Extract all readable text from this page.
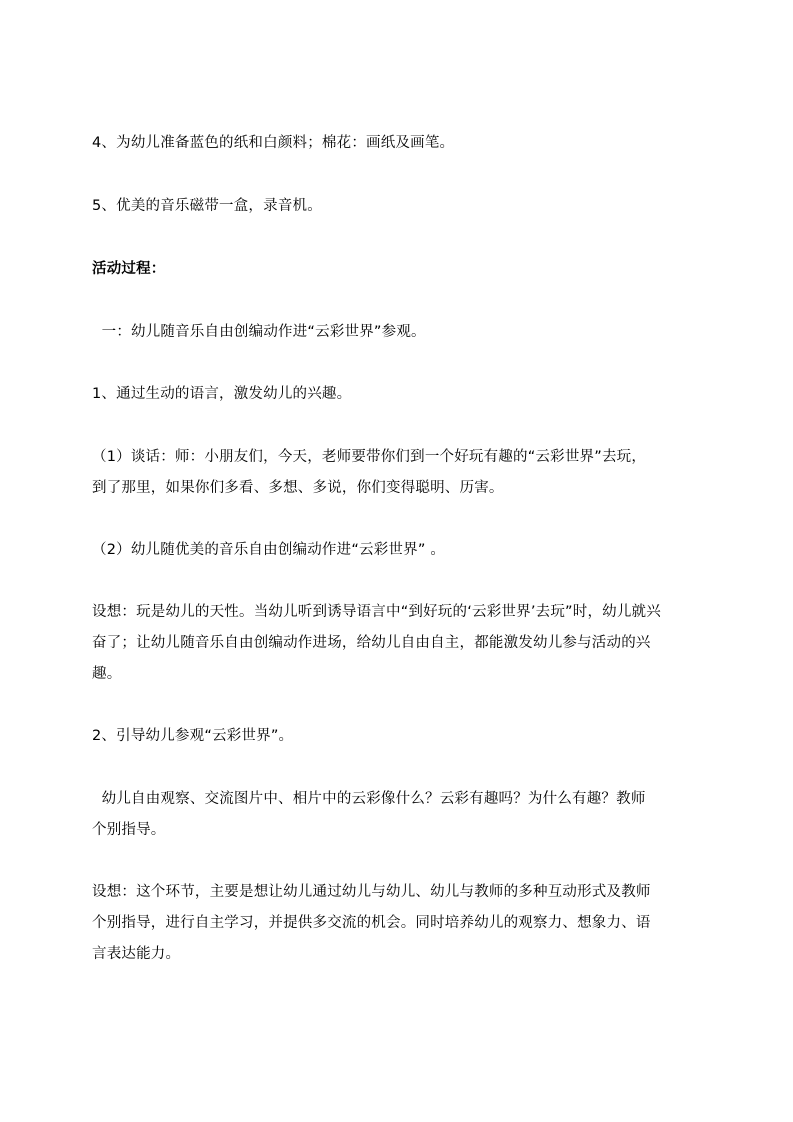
4、为幼儿准备蓝色的纸和白颜料；棉花：画纸及画笔。
5、优美的音乐磁带一盒，录音机。
活动过程：
一：幼儿随音乐自由创编动作进“云彩世界”参观。
1、通过生动的语言，激发幼儿的兴趣。
（1）谈话：师：小朋友们，今天，老师要带你们到一个好玩有趣的“云彩世界”去玩，
到了那里，如果你们多看、多想、多说，你们变得聪明、历害。
（2）幼儿随优美的音乐自由创编动作进“云彩世界” 。
设想：玩是幼儿的天性。当幼儿听到诱导语言中“到好玩的‘云彩世界’去玩”时，幼儿就兴
奋了；让幼儿随音乐自由创编动作进场，给幼儿自由自主，都能激发幼儿参与活动的兴
趣。
2、引导幼儿参观“云彩世界”。
幼儿自由观察、交流图片中、相片中的云彩像什么？云彩有趣吗？为什么有趣？教师
个别指导。
设想：这个环节，主要是想让幼儿通过幼儿与幼儿、幼儿与教师的多种互动形式及教师
个别指导，进行自主学习，并提供多交流的机会。同时培养幼儿的观察力、想象力、语
言表达能力。
